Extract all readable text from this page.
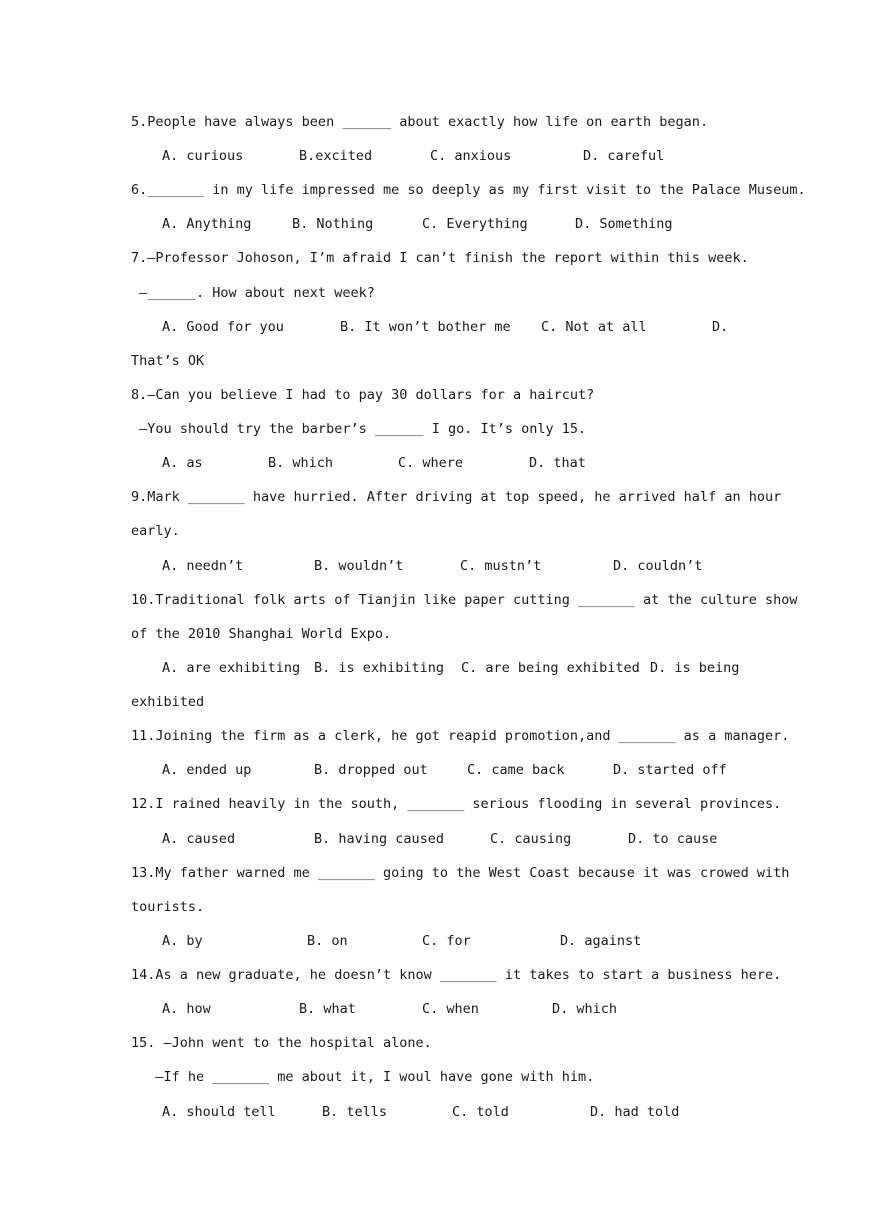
5.People have always been ______ about exactly how life on earth began.
A. curious	B.excited	C. anxious	D. careful
6._______ in my life impressed me so deeply as my first visit to the Palace Museum.
A. Anything	B. Nothing	C. Everything	D. Something
7.—Professor Johoson, I’m afraid I can’t finish the report within this week.
—______. How about next week?
A. Good for you	B. It won’t bother me C. Not at all	D.
That’s OK
8.—Can you believe I had to pay 30 dollars for a haircut?
—You should try the barber’s ______ I go. It’s only 15.
A. as	B. which	C. where	D. that
9.Mark _______ have hurried. After driving at top speed, he arrived half an hour
early.
A. needn’t	B. wouldn’t	C. mustn’t	D. couldn’t
10.Traditional folk arts of Tianjin like paper cutting _______ at the culture show
of the 2010 Shanghai World Expo.
A. are exhibiting B. is exhibiting C. are being exhibited D. is being
exhibited
11.Joining the firm as a clerk, he got reapid promotion,and _______ as a manager.
A. ended up	B. dropped out	C. came back	D. started off
12.I rained heavily in the south, _______ serious flooding in several provinces.
A. caused	B. having caused	C. causing	D. to cause
13.My father warned me _______ going to the West Coast because it was crowed with
tourists.
A. by	B. on	C. for	D. against
14.As a new graduate, he doesn’t know _______ it takes to start a business here.
A. how	B. what	C. when	D. which
15. —John went to the hospital alone.
—If he _______ me about it, I woul have gone with him.
A. should tell	B. tells	C. told	D. had told
